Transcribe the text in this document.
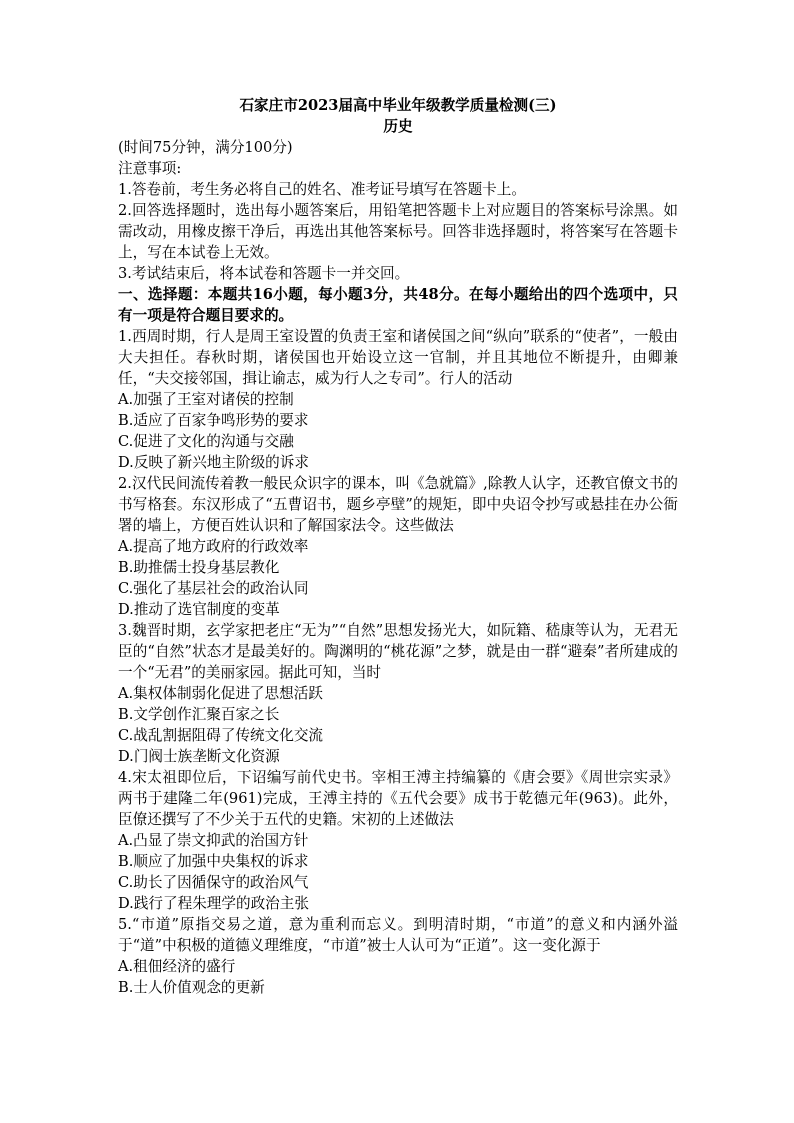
石家庄市2023届高中毕业年级教学质量检测(三)

历史

(时间75分钟，满分100分)

注意事项:

1.答卷前，考生务必将自己的姓名、准考证号填写在答题卡上。

2.回答选择题时，选出每小题答案后，用铅笔把答题卡上对应题目的答案标号涂黑。如需改动，用橡皮擦干净后，再选出其他答案标号。回答非选择题时，将答案写在答题卡上，写在本试卷上无效。

3.考试结束后，将本试卷和答题卡一并交回。

一、选择题：本题共16小题，每小题3分，共48分。在每小题给出的四个选项中，只有一项是符合题目要求的。

1.西周时期，行人是周王室设置的负责王室和诸侯国之间“纵向”联系的“使者”，一般由大夫担任。春秋时期，诸侯国也开始设立这一官制，并且其地位不断提升，由卿兼任，“夫交接邻国，揖让谕志，威为行人之专司”。行人的活动

A.加强了王室对诸侯的控制

B.适应了百家争鸣形势的要求

C.促进了文化的沟通与交融

D.反映了新兴地主阶级的诉求

2.汉代民间流传着教一般民众识字的课本，叫《急就篇》,除教人认字，还教官僚文书的书写格套。东汉形成了“五曹诏书，题乡亭壁”的规矩，即中央诏令抄写或悬挂在办公衙署的墙上，方便百姓认识和了解国家法令。这些做法

A.提高了地方政府的行政效率

B.助推儒士投身基层教化

C.强化了基层社会的政治认同

D.推动了选官制度的变革

3.魏晋时期，玄学家把老庄“无为”“自然”思想发扬光大，如阮籍、嵇康等认为，无君无臣的“自然”状态才是最美好的。陶渊明的“桃花源”之梦，就是由一群“避秦”者所建成的一个“无君”的美丽家园。据此可知，当时

A.集权体制弱化促进了思想活跃

B.文学创作汇聚百家之长

C.战乱割据阻碍了传统文化交流

D.门阀士族垄断文化资源

4.宋太祖即位后，下诏编写前代史书。宰相王溥主持编纂的《唐会要》《周世宗实录》两书于建隆二年(961)完成，王溥主持的《五代会要》成书于乾德元年(963)。此外，臣僚还撰写了不少关于五代的史籍。宋初的上述做法

A.凸显了崇文抑武的治国方针

B.顺应了加强中央集权的诉求

C.助长了因循保守的政治风气

D.践行了程朱理学的政治主张

5.“市道”原指交易之道，意为重利而忘义。到明清时期，“市道”的意义和内涵外溢于“道”中积极的道德义理维度，“市道”被士人认可为“正道”。这一变化源于

A.租佃经济的盛行

B.士人价值观念的更新
